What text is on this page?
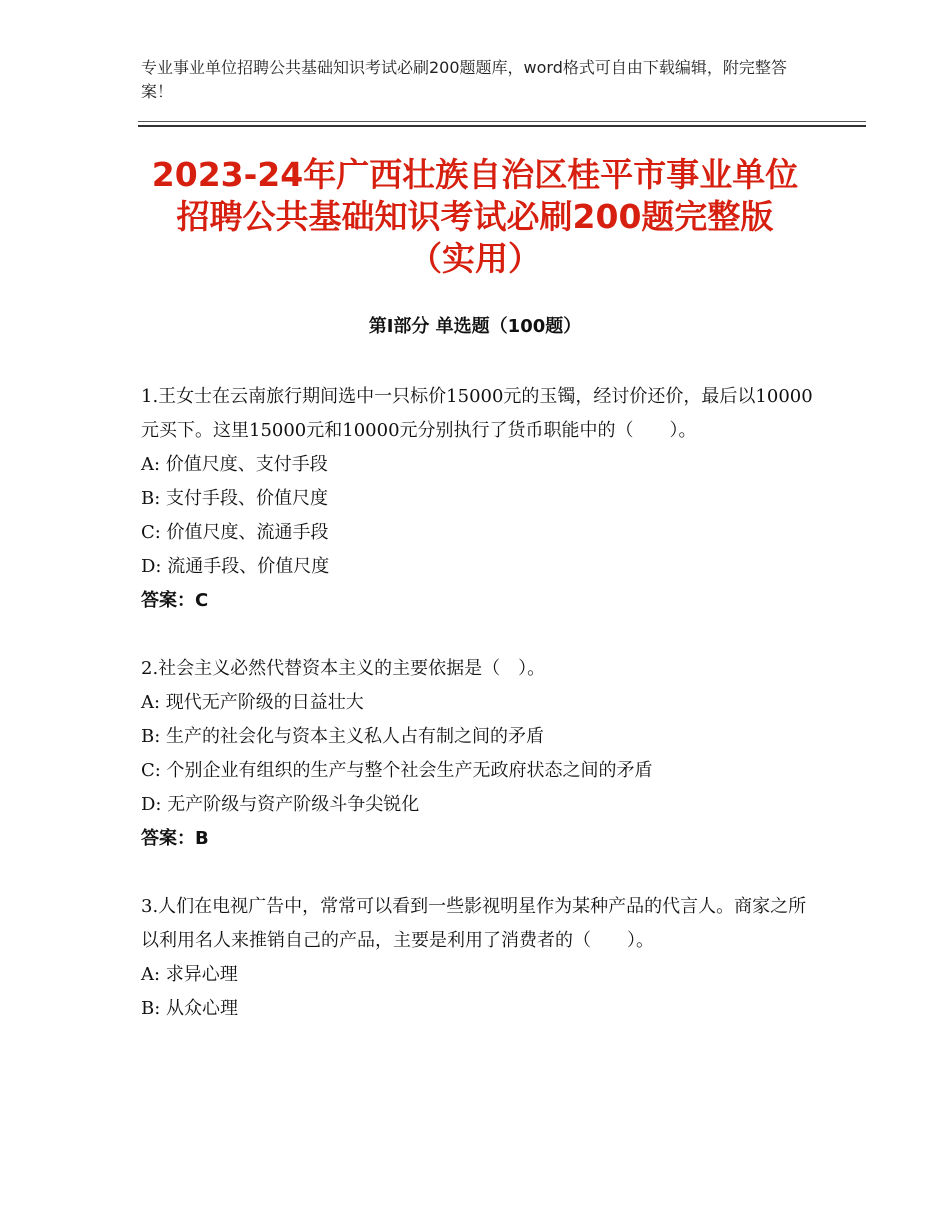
专业事业单位招聘公共基础知识考试必刷200题题库，word格式可自由下载编辑，附完整答案！
2023-24年广西壮族自治区桂平市事业单位
招聘公共基础知识考试必刷200题完整版
（实用）
第Ⅰ部分 单选题（100题）

1.王女士在云南旅行期间选中一只标价15000元的玉镯，经讨价还价，最后以10000元买下。这里15000元和10000元分别执行了货币职能中的（　　）。

A: 价值尺度、支付手段

B: 支付手段、价值尺度

C: 价值尺度、流通手段

D: 流通手段、价值尺度

答案：C

2.社会主义必然代替资本主义的主要依据是（　）。

A: 现代无产阶级的日益壮大

B: 生产的社会化与资本主义私人占有制之间的矛盾

C: 个别企业有组织的生产与整个社会生产无政府状态之间的矛盾

D: 无产阶级与资产阶级斗争尖锐化

答案：B

3.人们在电视广告中，常常可以看到一些影视明星作为某种产品的代言人。商家之所以利用名人来推销自己的产品，主要是利用了消费者的（　　）。

A: 求异心理

B: 从众心理
